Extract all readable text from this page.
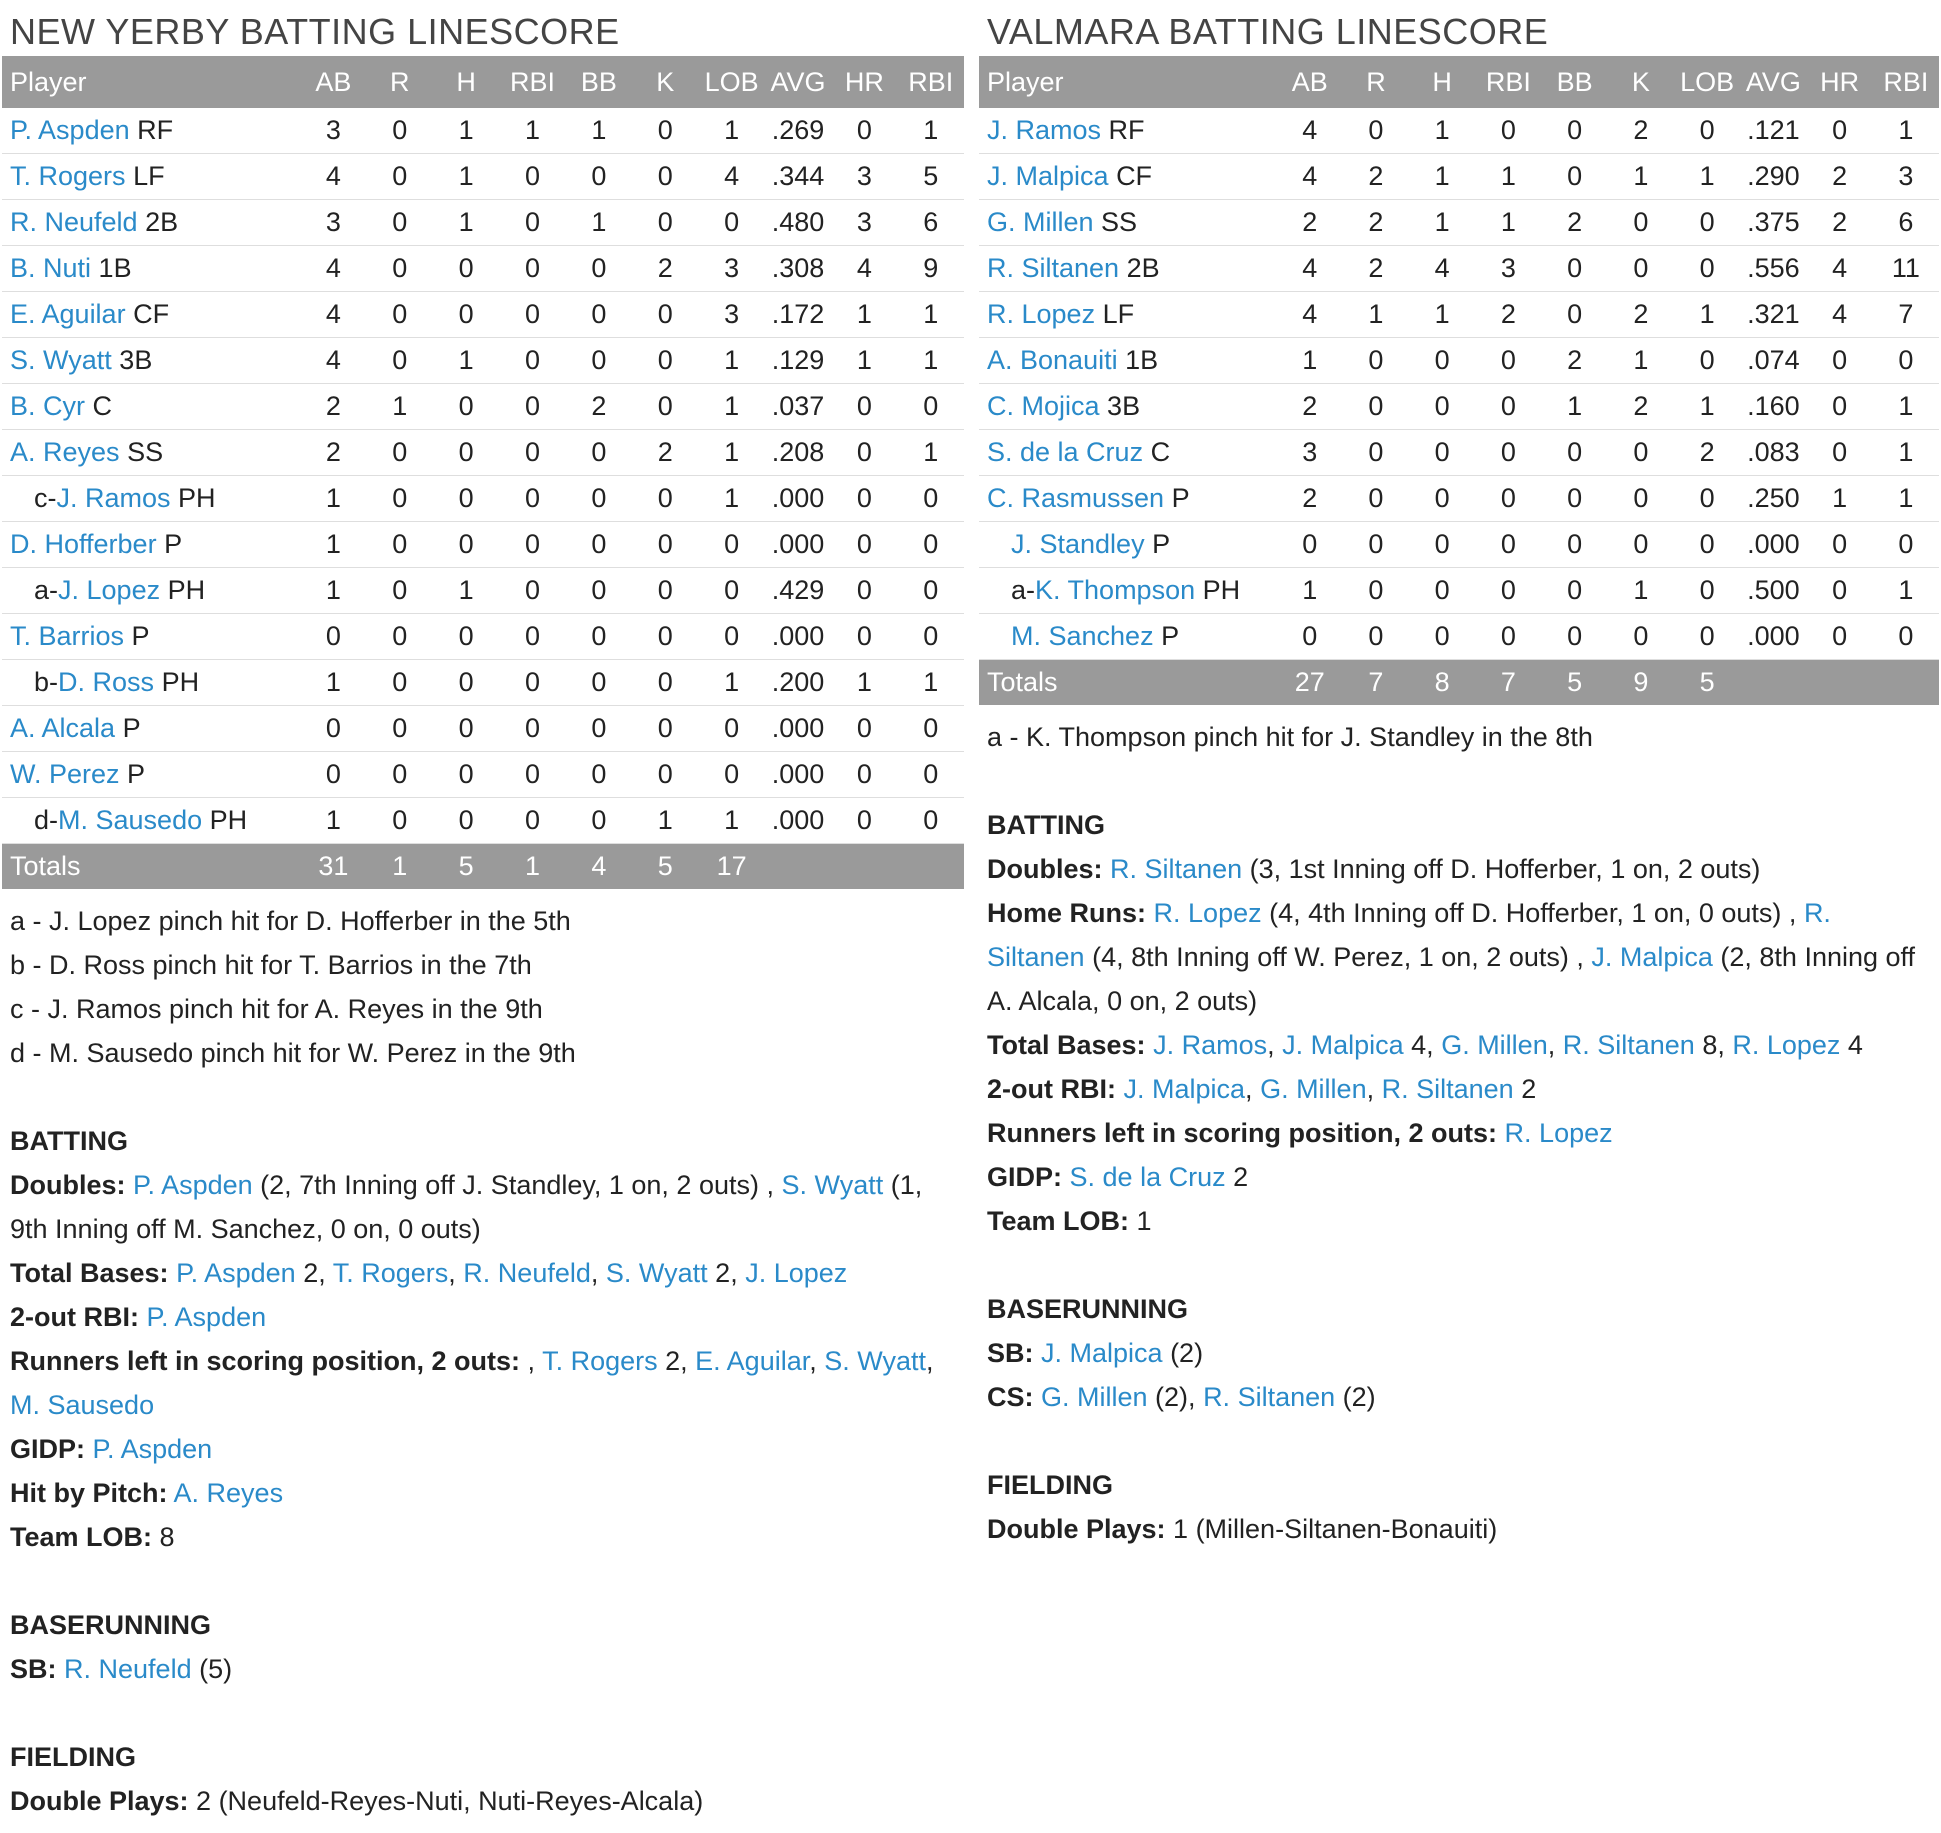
NEW YERBY BATTING LINESCORE
Player	AB	R	H	RBI	BB	K	LOB	AVG	HR	RBI
P. Aspden RF	3	0	1	1	1	0	1	.269	0	1
T. Rogers LF	4	0	1	0	0	0	4	.344	3	5
R. Neufeld 2B	3	0	1	0	1	0	0	.480	3	6
B. Nuti 1B	4	0	0	0	0	2	3	.308	4	9
E. Aguilar CF	4	0	0	0	0	0	3	.172	1	1
S. Wyatt 3B	4	0	1	0	0	0	1	.129	1	1
B. Cyr C	2	1	0	0	2	0	1	.037	0	0
A. Reyes SS	2	0	0	0	0	2	1	.208	0	1
c-J. Ramos PH	1	0	0	0	0	0	1	.000	0	0
D. Hofferber P	1	0	0	0	0	0	0	.000	0	0
a-J. Lopez PH	1	0	1	0	0	0	0	.429	0	0
T. Barrios P	0	0	0	0	0	0	0	.000	0	0
b-D. Ross PH	1	0	0	0	0	0	1	.200	1	1
A. Alcala P	0	0	0	0	0	0	0	.000	0	0
W. Perez P	0	0	0	0	0	0	0	.000	0	0
d-M. Sausedo PH	1	0	0	0	0	1	1	.000	0	0
Totals	31	1	5	1	4	5	17			
a - J. Lopez pinch hit for D. Hofferber in the 5th
b - D. Ross pinch hit for T. Barrios in the 7th
c - J. Ramos pinch hit for A. Reyes in the 9th
d - M. Sausedo pinch hit for W. Perez in the 9th
BATTING
Doubles: P. Aspden (2, 7th Inning off J. Standley, 1 on, 2 outs) , S. Wyatt (1, 9th Inning off M. Sanchez, 0 on, 0 outs)
Total Bases: P. Aspden 2, T. Rogers, R. Neufeld, S. Wyatt 2, J. Lopez
2-out RBI: P. Aspden
Runners left in scoring position, 2 outs: , T. Rogers 2, E. Aguilar, S. Wyatt, M. Sausedo
GIDP: P. Aspden
Hit by Pitch: A. Reyes
Team LOB: 8
BASERUNNING
SB: R. Neufeld (5)
FIELDING
Double Plays: 2 (Neufeld-Reyes-Nuti, Nuti-Reyes-Alcala)
VALMARA BATTING LINESCORE
Player	AB	R	H	RBI	BB	K	LOB	AVG	HR	RBI
J. Ramos RF	4	0	1	0	0	2	0	.121	0	1
J. Malpica CF	4	2	1	1	0	1	1	.290	2	3
G. Millen SS	2	2	1	1	2	0	0	.375	2	6
R. Siltanen 2B	4	2	4	3	0	0	0	.556	4	11
R. Lopez LF	4	1	1	2	0	2	1	.321	4	7
A. Bonauiti 1B	1	0	0	0	2	1	0	.074	0	0
C. Mojica 3B	2	0	0	0	1	2	1	.160	0	1
S. de la Cruz C	3	0	0	0	0	0	2	.083	0	1
C. Rasmussen P	2	0	0	0	0	0	0	.250	1	1
J. Standley P	0	0	0	0	0	0	0	.000	0	0
a-K. Thompson PH	1	0	0	0	0	1	0	.500	0	1
M. Sanchez P	0	0	0	0	0	0	0	.000	0	0
Totals	27	7	8	7	5	9	5			
a - K. Thompson pinch hit for J. Standley in the 8th
BATTING
Doubles: R. Siltanen (3, 1st Inning off D. Hofferber, 1 on, 2 outs)
Home Runs: R. Lopez (4, 4th Inning off D. Hofferber, 1 on, 0 outs) , R. Siltanen (4, 8th Inning off W. Perez, 1 on, 2 outs) , J. Malpica (2, 8th Inning off A. Alcala, 0 on, 2 outs)
Total Bases: J. Ramos, J. Malpica 4, G. Millen, R. Siltanen 8, R. Lopez 4
2-out RBI: J. Malpica, G. Millen, R. Siltanen 2
Runners left in scoring position, 2 outs: R. Lopez
GIDP: S. de la Cruz 2
Team LOB: 1
BASERUNNING
SB: J. Malpica (2)
CS: G. Millen (2), R. Siltanen (2)
FIELDING
Double Plays: 1 (Millen-Siltanen-Bonauiti)
